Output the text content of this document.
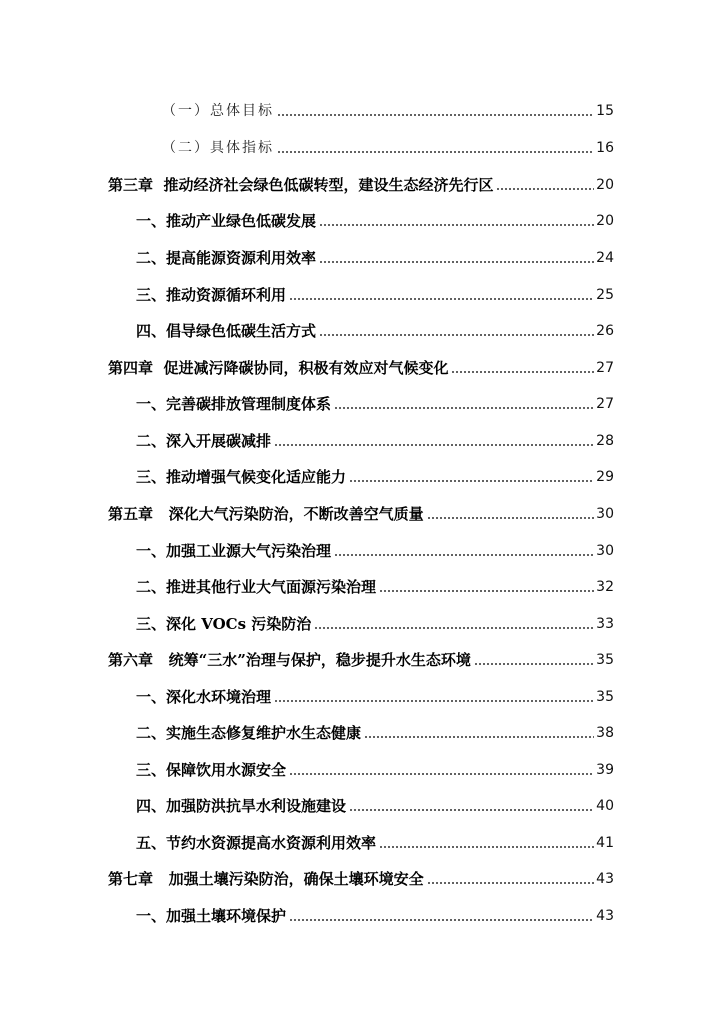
（一）总体目标	15
（二）具体指标	16
第三章  推动经济社会绿色低碳转型，建设生态经济先行区	20
一、推动产业绿色低碳发展	20
二、提高能源资源利用效率	24
三、推动资源循环利用	25
四、倡导绿色低碳生活方式	26
第四章  促进减污降碳协同，积极有效应对气候变化	27
一、完善碳排放管理制度体系	27
二、深入开展碳减排	28
三、推动增强气候变化适应能力	29
第五章   深化大气污染防治，不断改善空气质量	30
一、加强工业源大气污染治理	30
二、推进其他行业大气面源污染治理	32
三、深化 VOCs 污染防治	33
第六章   统筹“三水”治理与保护，稳步提升水生态环境	35
一、深化水环境治理	35
二、实施生态修复维护水生态健康	38
三、保障饮用水源安全	39
四、加强防洪抗旱水利设施建设	40
五、节约水资源提高水资源利用效率	41
第七章   加强土壤污染防治，确保土壤环境安全	43
一、加强土壤环境保护	43
